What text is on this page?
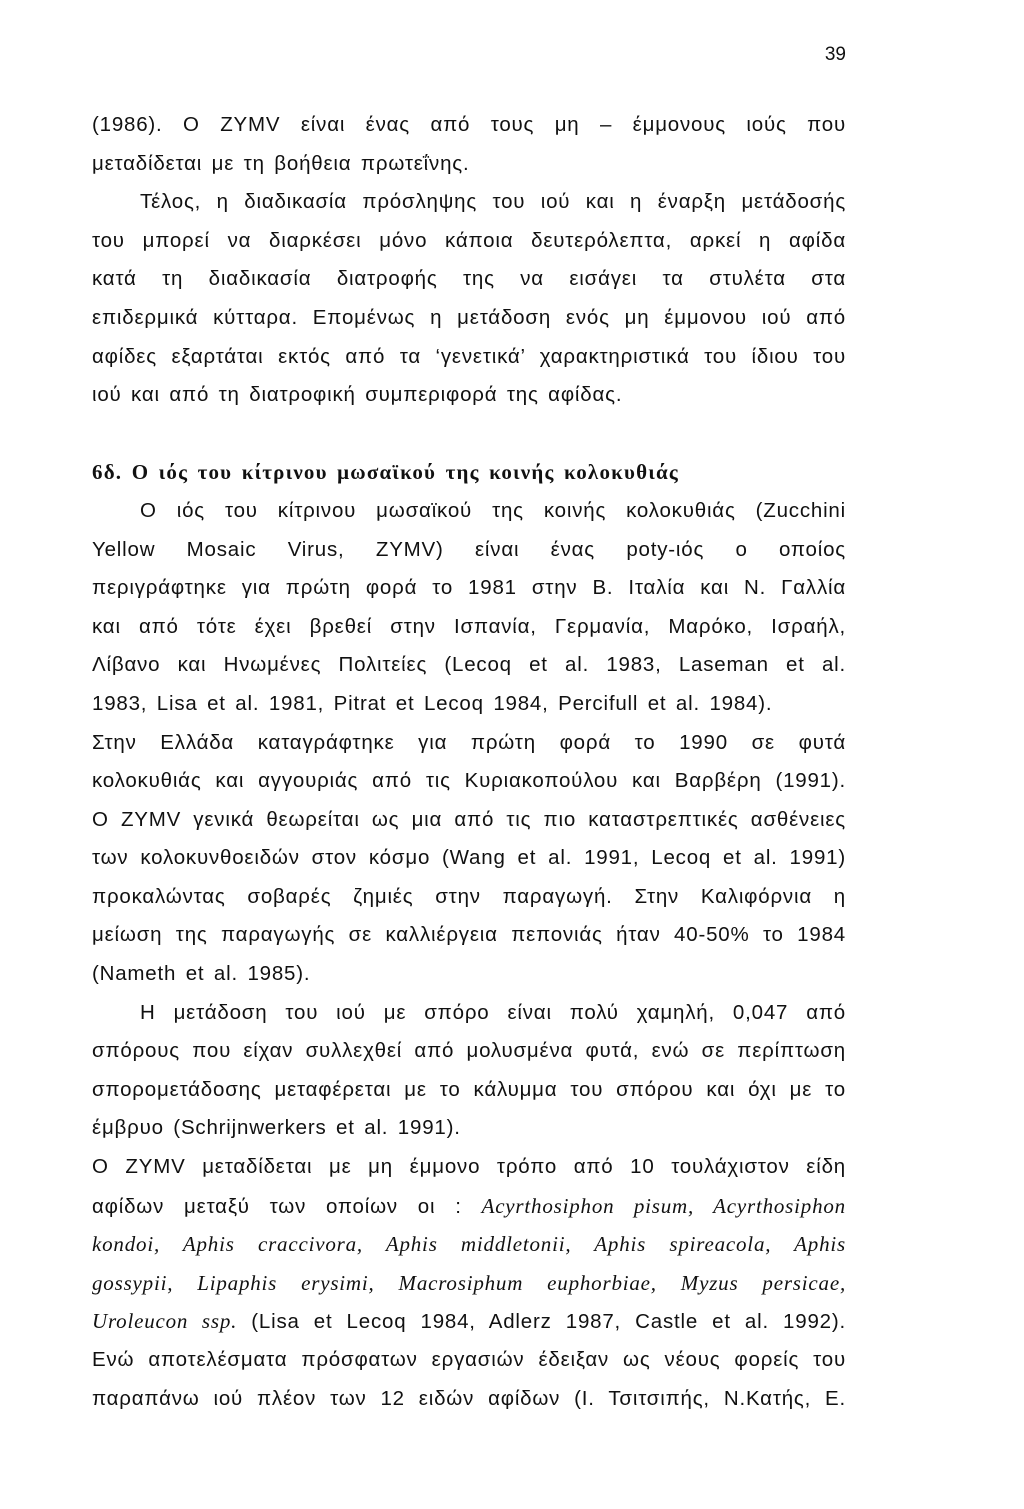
39
(1986). Ο ZYMV είναι ένας από τους μη – έμμονους ιούς που
μεταδίδεται με τη βοήθεια πρωτεΐνης.
Τέλος, η διαδικασία πρόσληψης του ιού και η έναρξη μετάδοσής
του μπορεί να διαρκέσει μόνο κάποια δευτερόλεπτα, αρκεί η αφίδα
κατά τη διαδικασία διατροφής της να εισάγει τα στυλέτα στα
επιδερμικά κύτταρα. Επομένως η μετάδοση ενός μη έμμονου ιού από
αφίδες εξαρτάται εκτός από τα ‘γενετικά’ χαρακτηριστικά του ίδιου του
ιού και από τη διατροφική συμπεριφορά της αφίδας.
6δ. Ο ιός του κίτρινου μωσαϊκού της κοινής κολοκυθιάς
Ο ιός του κίτρινου μωσαϊκού της κοινής κολοκυθιάς (Zucchini
Yellow Mosaic Virus, ZYMV) είναι ένας poty-ιός ο οποίος
περιγράφτηκε για πρώτη φορά το 1981 στην Β. Ιταλία και Ν. Γαλλία
και από τότε έχει βρεθεί στην Ισπανία, Γερμανία, Μαρόκο, Ισραήλ,
Λίβανο και Ηνωμένες Πολιτείες (Lecoq et al. 1983, Laseman et al.
1983, Lisa et al. 1981, Pitrat et Lecoq 1984, Percifull et al. 1984).
Στην Ελλάδα καταγράφτηκε για πρώτη φορά το 1990 σε φυτά
κολοκυθιάς και αγγουριάς από τις Κυριακοπούλου και Βαρβέρη (1991).
Ο ZYMV γενικά θεωρείται ως μια από τις πιο καταστρεπτικές ασθένειες
των κολοκυνθοειδών στον κόσμο (Wang et al. 1991, Lecoq et al. 1991)
προκαλώντας σοβαρές ζημιές στην παραγωγή. Στην Καλιφόρνια η
μείωση της παραγωγής σε καλλιέργεια πεπονιάς ήταν 40-50% το 1984
(Nameth et al. 1985).
Η μετάδοση του ιού με σπόρο είναι πολύ χαμηλή, 0,047 από
σπόρους που είχαν συλλεχθεί από μολυσμένα φυτά, ενώ σε περίπτωση
σπορομετάδοσης μεταφέρεται με το κάλυμμα του σπόρου και όχι με το
έμβρυο (Schrijnwerkers et al. 1991).
Ο ZYMV μεταδίδεται με μη έμμονο τρόπο από 10 τουλάχιστον είδη
αφίδων μεταξύ των οποίων οι : Acyrthosiphon pisum, Acyrthosiphon
kondoi, Aphis craccivora, Aphis middletonii, Aphis spireacola, Aphis
gossypii, Lipaphis erysimi, Macrosiphum euphorbiae, Myzus persicae,
Uroleucon ssp. (Lisa et Lecoq 1984, Adlerz 1987, Castle et al. 1992).
Ενώ αποτελέσματα πρόσφατων εργασιών έδειξαν ως νέους φορείς του
παραπάνω ιού πλέον των 12 ειδών αφίδων (Ι. Τσιτσιπής, Ν.Κατής, Ε.
